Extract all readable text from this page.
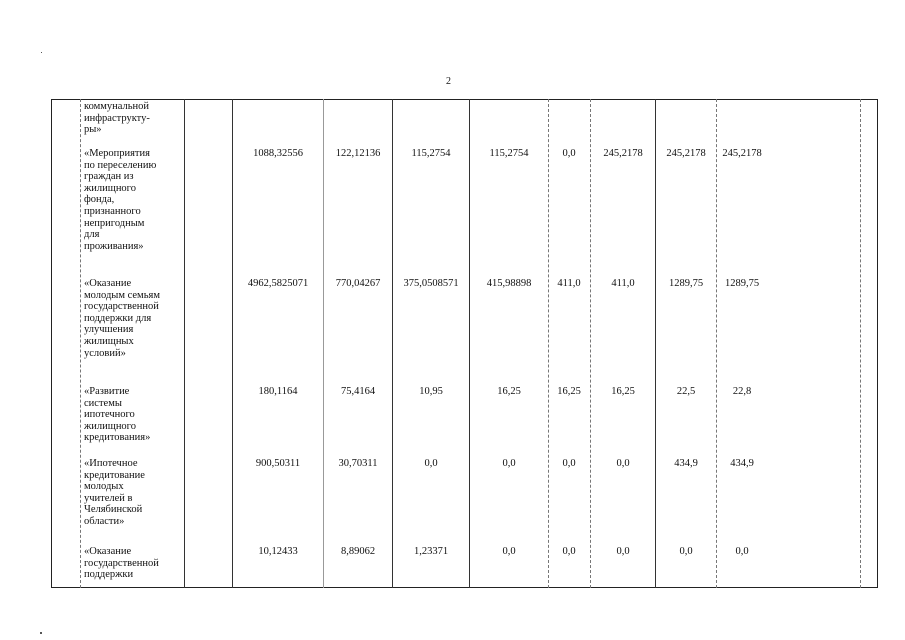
2
коммунальной
инфраструкту-
ры»
«Мероприятия
по переселению
граждан из
жилищного
фонда,
признанного
непригодным
для
проживания»
1088,32556	122,12136	115,2754	115,2754	0,0	245,2178	245,2178	245,2178
«Оказание
молодым семьям
государственной
поддержки для
улучшения
жилищных
условий»
4962,5825071	770,04267	375,0508571	415,98898	411,0	411,0	1289,75	1289,75
«Развитие
системы
ипотечного
жилищного
кредитования»
180,1164	75,4164	10,95	16,25	16,25	16,25	22,5	22,8
«Ипотечное
кредитование
молодых
учителей в
Челябинской
области»
900,50311	30,70311	0,0	0,0	0,0	0,0	434,9	434,9
«Оказание
государственной
поддержки
10,12433	8,89062	1,23371	0,0	0,0	0,0	0,0	0,0
